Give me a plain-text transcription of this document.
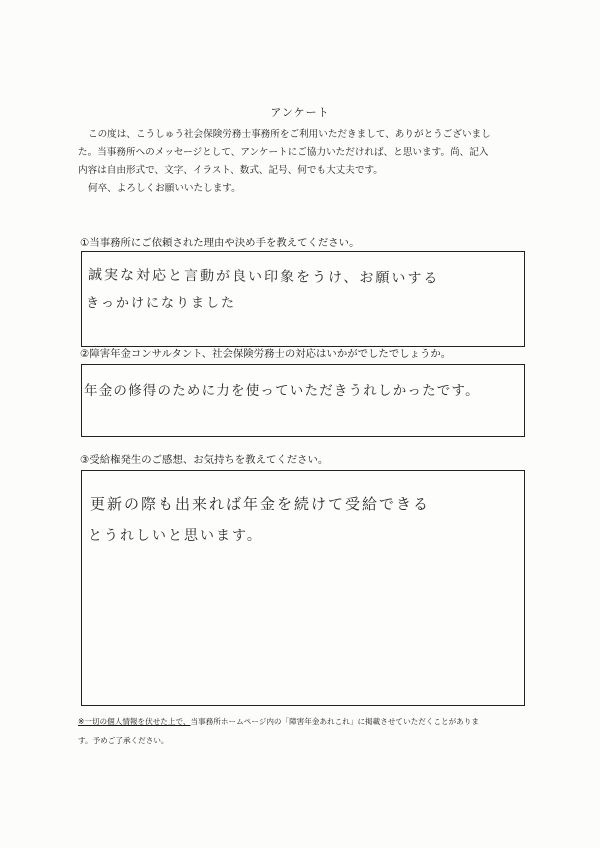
アンケート

この度は、こうしゅう社会保険労務士事務所をご利用いただきまして、ありがとうございまし

た。当事務所へのメッセージとして、アンケートにご協力いただければ、と思います。尚、記入

内容は自由形式で、文字、イラスト、数式、記号、何でも大丈夫です。

何卒、よろしくお願いいたします。

①当事務所にご依頼された理由や決め手を教えてください。
誠実な対応と言動が良い印象をうけ、お願いする
きっかけになりました
②障害年金コンサルタント、社会保険労務士の対応はいかがでしたでしょうか。
年金の修得のために力を使っていただきうれしかったです。
③受給権発生のご感想、お気持ちを教えてください。
更新の際も出来れば年金を続けて受給できる
とうれしいと思います。
※一切の個人情報を伏せた上で、当事務所ホームページ内の「障害年金あれこれ」に掲載させていただくことがありま
す。予めご了承ください。
